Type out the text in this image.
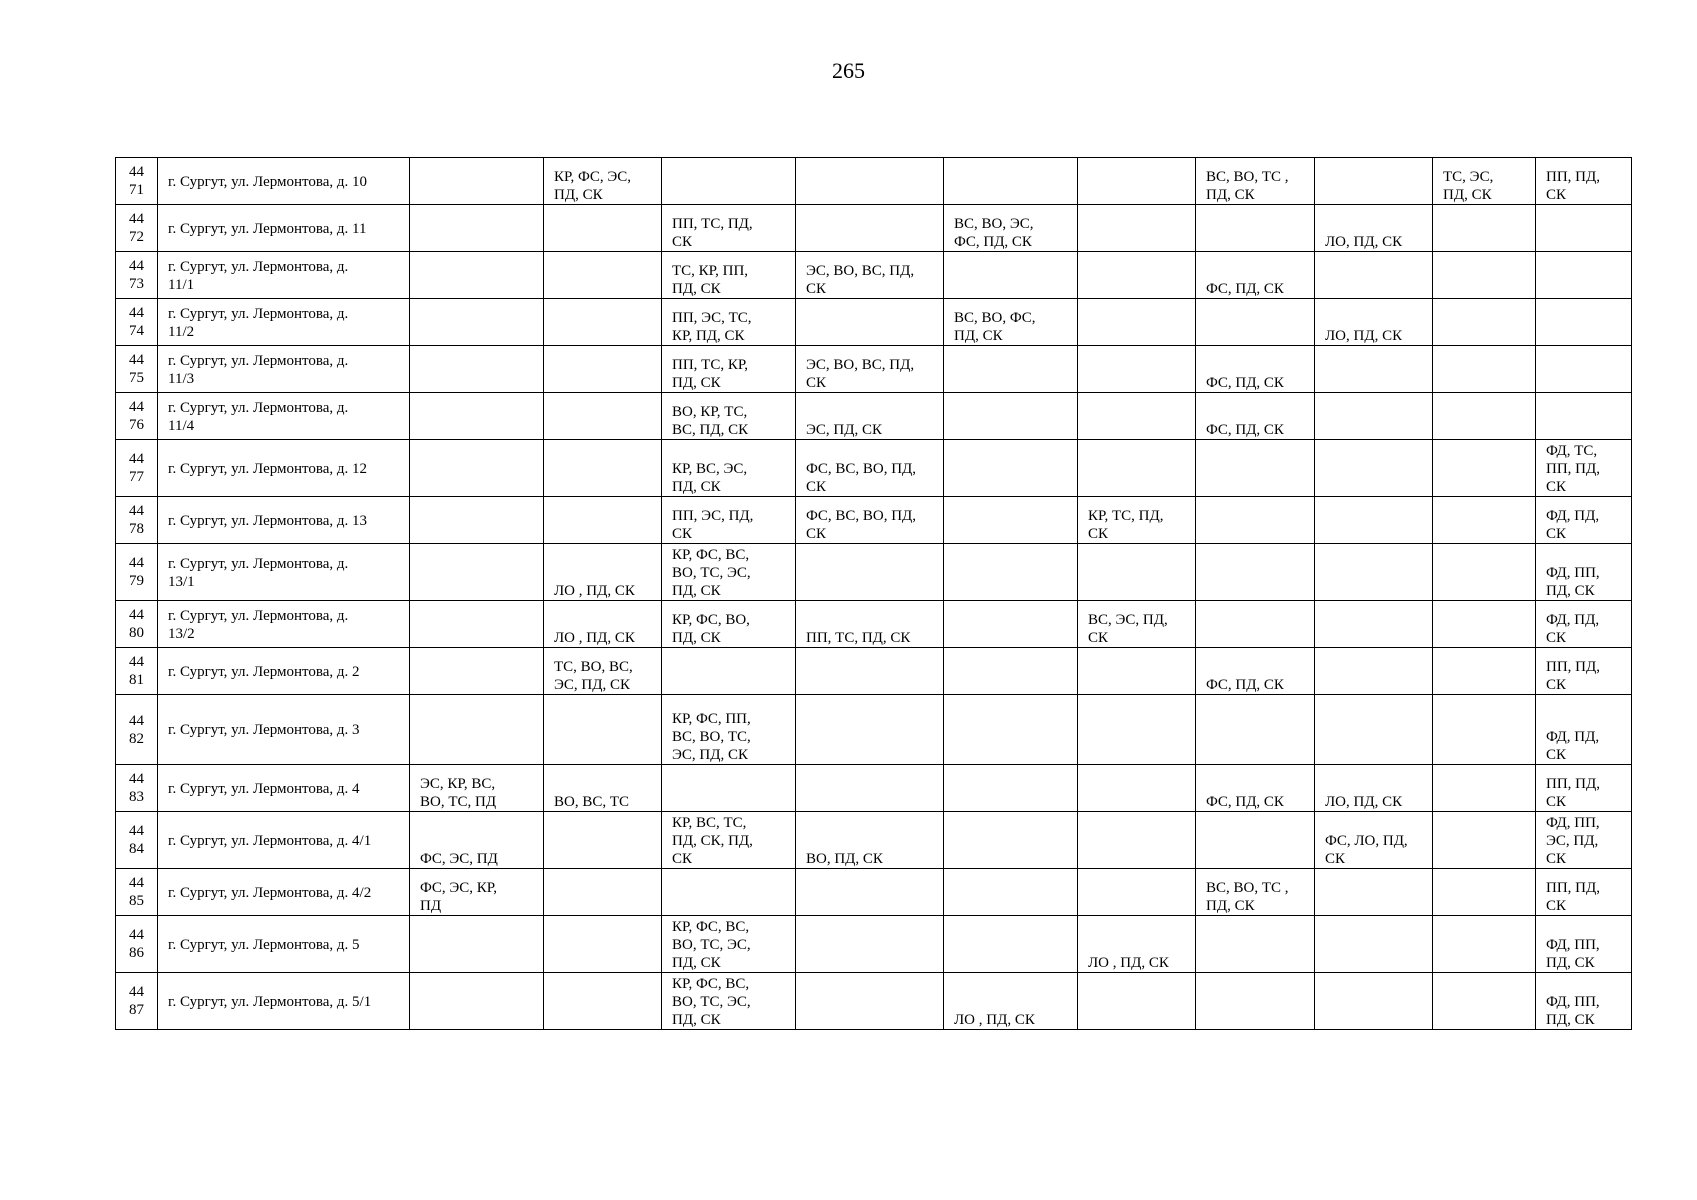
265
44
71	г. Сургут, ул. Лермонтова, д. 10		КР, ФС, ЭС,
ПД, СК					ВС, ВО, ТС ,
ПД, СК		ТС, ЭС,
ПД, СК	ПП, ПД,
СК
44
72	г. Сургут, ул. Лермонтова, д. 11			ПП, ТС, ПД,
СК		ВС, ВО, ЭС,
ФС, ПД, СК			ЛО, ПД, СК		
44
73	г. Сургут, ул. Лермонтова, д.
11/1			ТС, КР, ПП,
ПД, СК	ЭС, ВО, ВС, ПД,
СК			ФС, ПД, СК			
44
74	г. Сургут, ул. Лермонтова, д.
11/2			ПП, ЭС, ТС,
КР, ПД, СК		ВС, ВО, ФС,
ПД, СК			ЛО, ПД, СК		
44
75	г. Сургут, ул. Лермонтова, д.
11/3			ПП, ТС, КР,
ПД, СК	ЭС, ВО, ВС, ПД,
СК			ФС, ПД, СК			
44
76	г. Сургут, ул. Лермонтова, д.
11/4			ВО, КР, ТС,
ВС, ПД, СК	ЭС, ПД, СК			ФС, ПД, СК			
44
77	г. Сургут, ул. Лермонтова, д. 12			КР, ВС, ЭС,
ПД, СК	ФС, ВС, ВО, ПД,
СК						ФД, ТС,
ПП, ПД,
СК
44
78	г. Сургут, ул. Лермонтова, д. 13			ПП, ЭС, ПД,
СК	ФС, ВС, ВО, ПД,
СК		КР, ТС, ПД,
СК				ФД, ПД,
СК
44
79	г. Сургут, ул. Лермонтова, д.
13/1		ЛО , ПД, СК	КР, ФС, ВС,
ВО, ТС, ЭС,
ПД, СК							ФД, ПП,
ПД, СК
44
80	г. Сургут, ул. Лермонтова, д.
13/2		ЛО , ПД, СК	КР, ФС, ВО,
ПД, СК	ПП, ТС, ПД, СК		ВС, ЭС, ПД,
СК				ФД, ПД,
СК
44
81	г. Сургут, ул. Лермонтова, д. 2		ТС, ВО, ВС,
ЭС, ПД, СК					ФС, ПД, СК			ПП, ПД,
СК
44
82	г. Сургут, ул. Лермонтова, д. 3			КР, ФС, ПП,
ВС, ВО, ТС,
ЭС, ПД, СК							ФД, ПД,
СК
44
83	г. Сургут, ул. Лермонтова, д. 4	ЭС, КР, ВС,
ВО, ТС, ПД	ВО, ВС, ТС					ФС, ПД, СК	ЛО, ПД, СК		ПП, ПД,
СК
44
84	г. Сургут, ул. Лермонтова, д. 4/1	ФС, ЭС, ПД		КР, ВС, ТС,
ПД, СК, ПД,
СК	ВО, ПД, СК				ФС, ЛО, ПД,
СК		ФД, ПП,
ЭС, ПД,
СК
44
85	г. Сургут, ул. Лермонтова, д. 4/2	ФС, ЭС, КР,
ПД						ВС, ВО, ТС ,
ПД, СК			ПП, ПД,
СК
44
86	г. Сургут, ул. Лермонтова, д. 5			КР, ФС, ВС,
ВО, ТС, ЭС,
ПД, СК			ЛО , ПД, СК				ФД, ПП,
ПД, СК
44
87	г. Сургут, ул. Лермонтова, д. 5/1			КР, ФС, ВС,
ВО, ТС, ЭС,
ПД, СК		ЛО , ПД, СК					ФД, ПП,
ПД, СК
